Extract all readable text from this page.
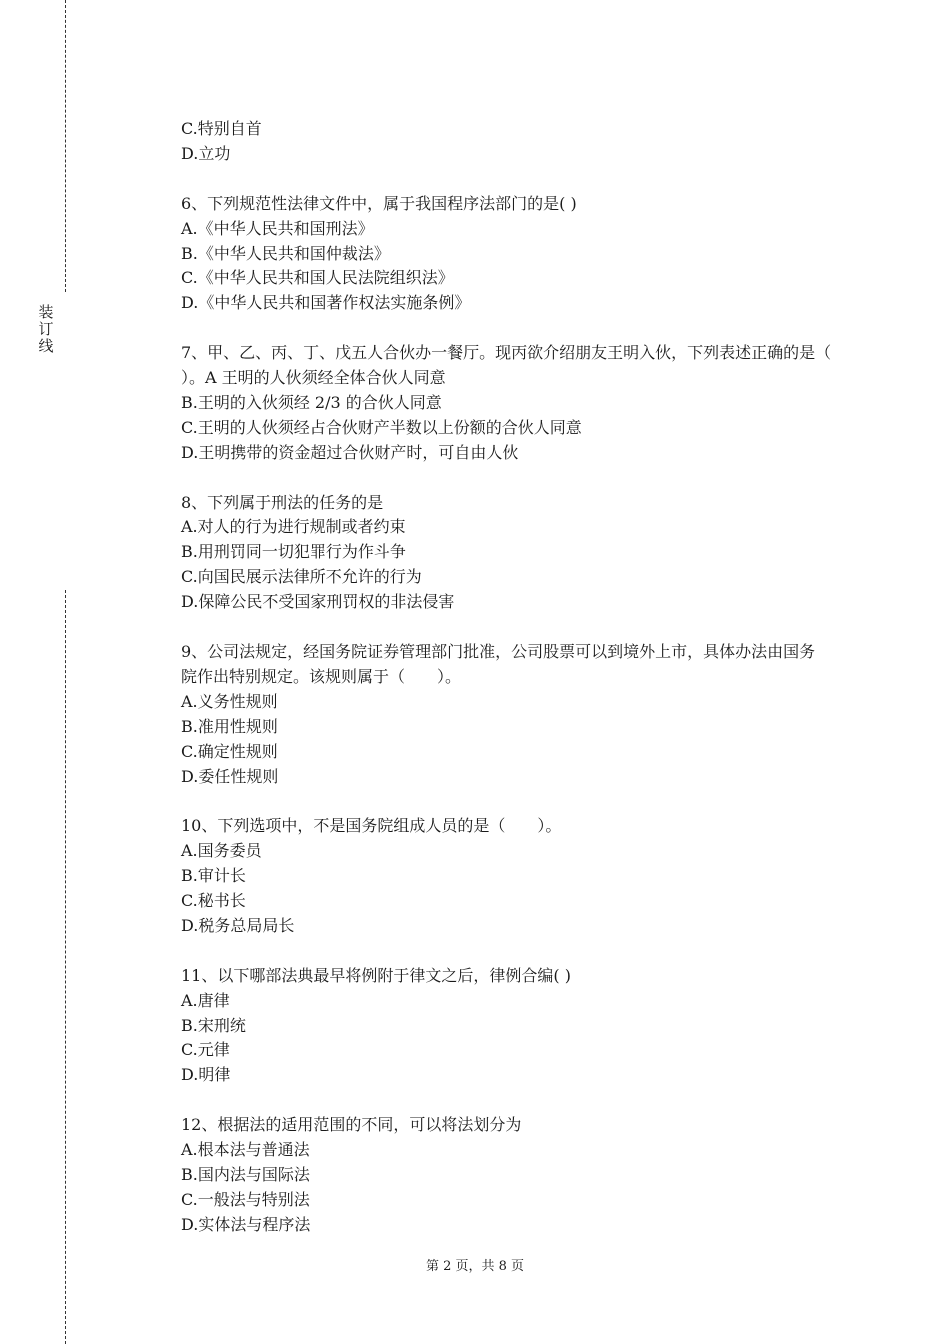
装
订
线
C.特别自首
D.立功
6、下列规范性法律文件中，属于我国程序法部门的是( )
A.《中华人民共和国刑法》
B.《中华人民共和国仲裁法》
C.《中华人民共和国人民法院组织法》
D.《中华人民共和国著作权法实施条例》
7、甲、乙、丙、丁、戊五人合伙办一餐厅。现丙欲介绍朋友王明入伙，下列表述正确的是（
）。A 王明的人伙须经全体合伙人同意
B.王明的入伙须经 2/3 的合伙人同意
C.王明的人伙须经占合伙财产半数以上份额的合伙人同意
D.王明携带的资金超过合伙财产时，可自由人伙
8、下列属于刑法的任务的是
A.对人的行为进行规制或者约束
B.用刑罚同一切犯罪行为作斗争
C.向国民展示法律所不允许的行为
D.保障公民不受国家刑罚权的非法侵害
9、公司法规定，经国务院证券管理部门批准，公司股票可以到境外上市，具体办法由国务
院作出特别规定。该规则属于（　　）。
A.义务性规则
B.准用性规则
C.确定性规则
D.委任性规则
10、下列选项中，不是国务院组成人员的是（　　）。
A.国务委员
B.审计长
C.秘书长
D.税务总局局长
11、以下哪部法典最早将例附于律文之后，律例合编( )
A.唐律
B.宋刑统
C.元律
D.明律
12、根据法的适用范围的不同，可以将法划分为
A.根本法与普通法
B.国内法与国际法
C.一般法与特别法
D.实体法与程序法
第 2 页，共 8 页
